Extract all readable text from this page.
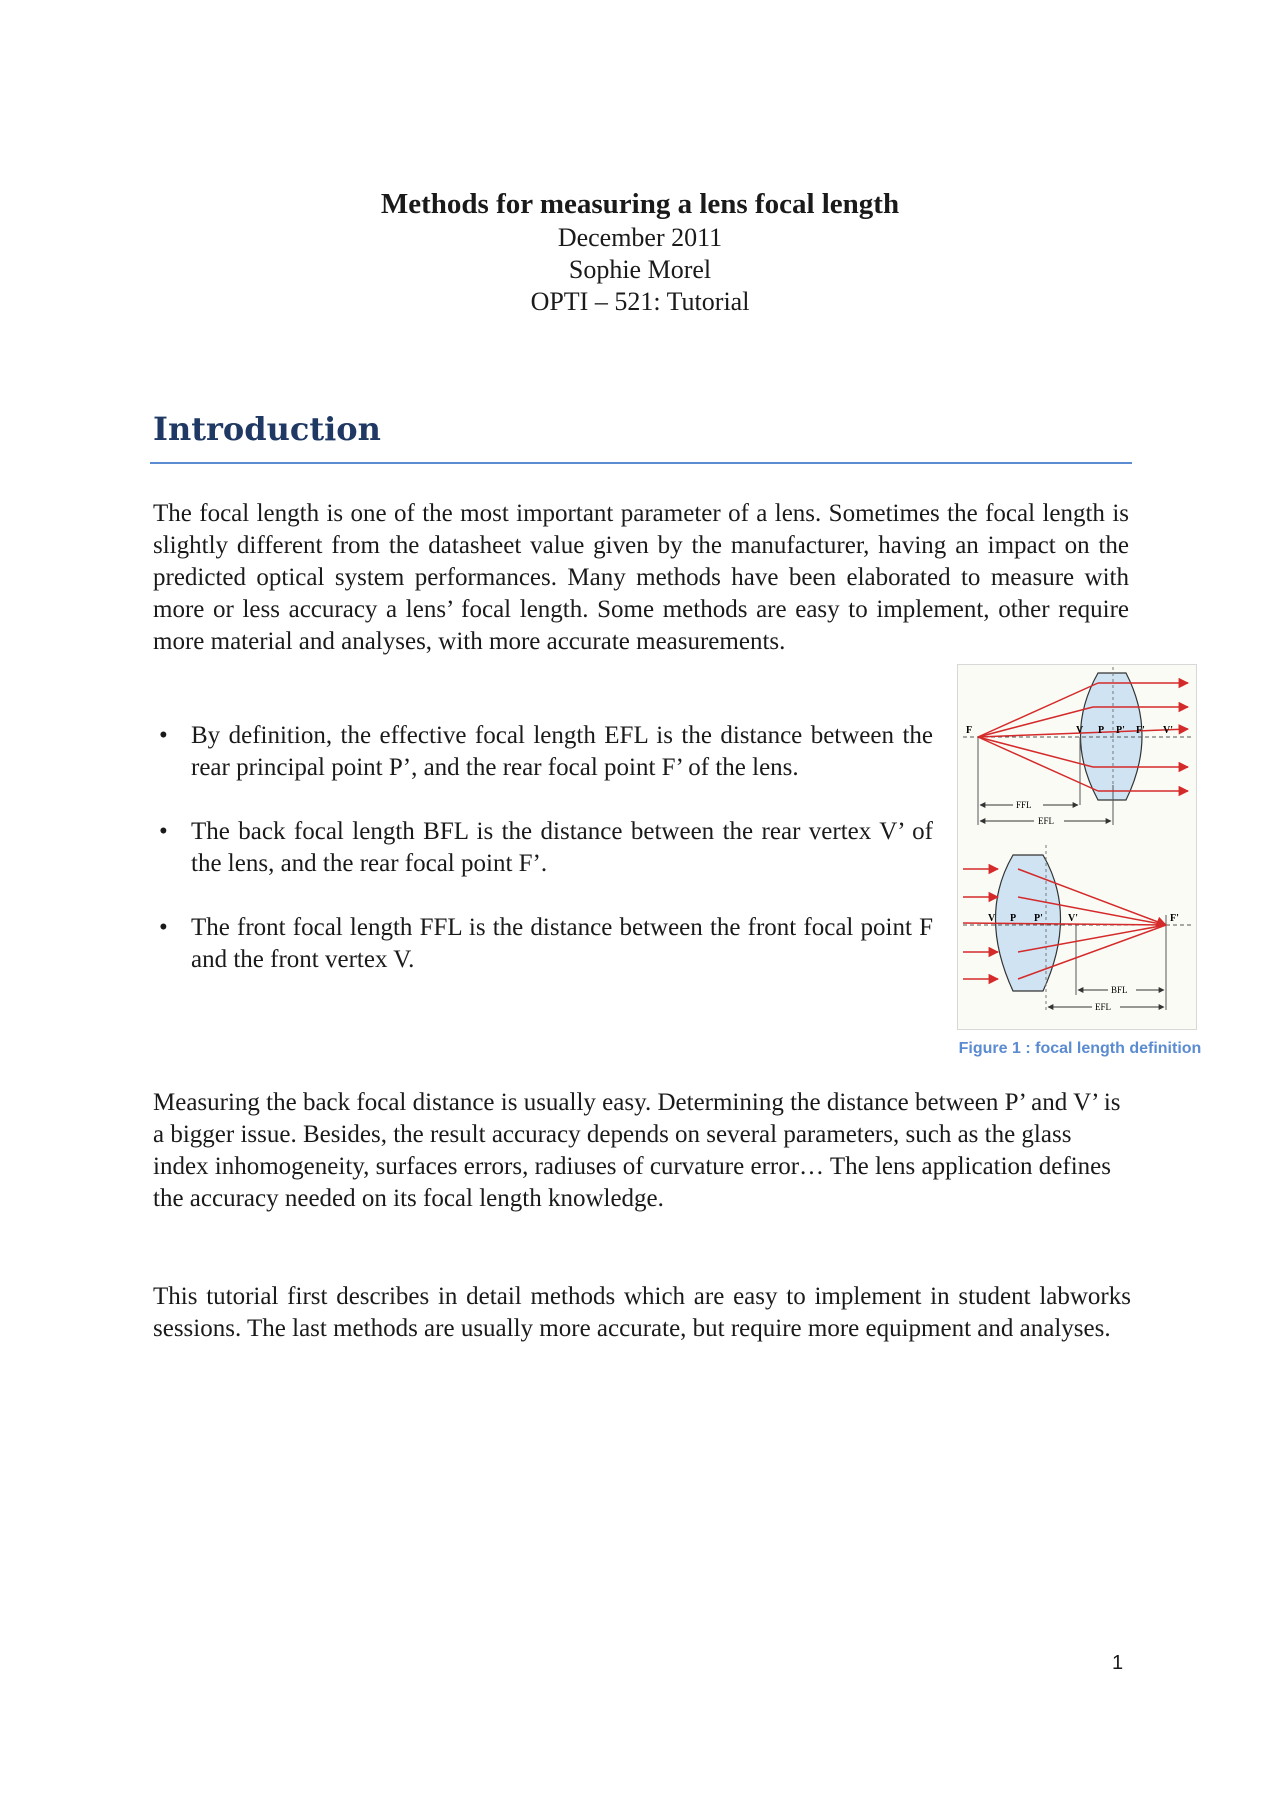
Methods for measuring a lens focal length
December 2011
Sophie Morel
OPTI – 521: Tutorial
Introduction
The focal length is one of the most important parameter of a lens. Sometimes the focal length is slightly different from the datasheet value given by the manufacturer, having an impact on the predicted optical system performances. Many methods have been elaborated to measure with more or less accuracy a lens’ focal length. Some methods are easy to implement, other require more material and analyses, with more accurate measurements.
• By definition, the effective focal length EFL is the distance between the rear principal point P’, and the rear focal point F’ of the lens.
• The back focal length BFL is the distance between the rear vertex V’ of the lens, and the rear focal point F’.
• The front focal length FFL is the distance between the front focal point F and the front vertex V.
F	V P P' F' V'
FFL
EFL
V P P'	V'	F'
BFL
EFL
Figure 1 : focal length definition
Measuring the back focal distance is usually easy. Determining the distance between P’ and V’ is a bigger issue. Besides, the result accuracy depends on several parameters, such as the glass index inhomogeneity, surfaces errors, radiuses of curvature error… The lens application defines the accuracy needed on its focal length knowledge.
This tutorial first describes in detail methods which are easy to implement in student labworks sessions. The last methods are usually more accurate, but require more equipment and analyses.
1
